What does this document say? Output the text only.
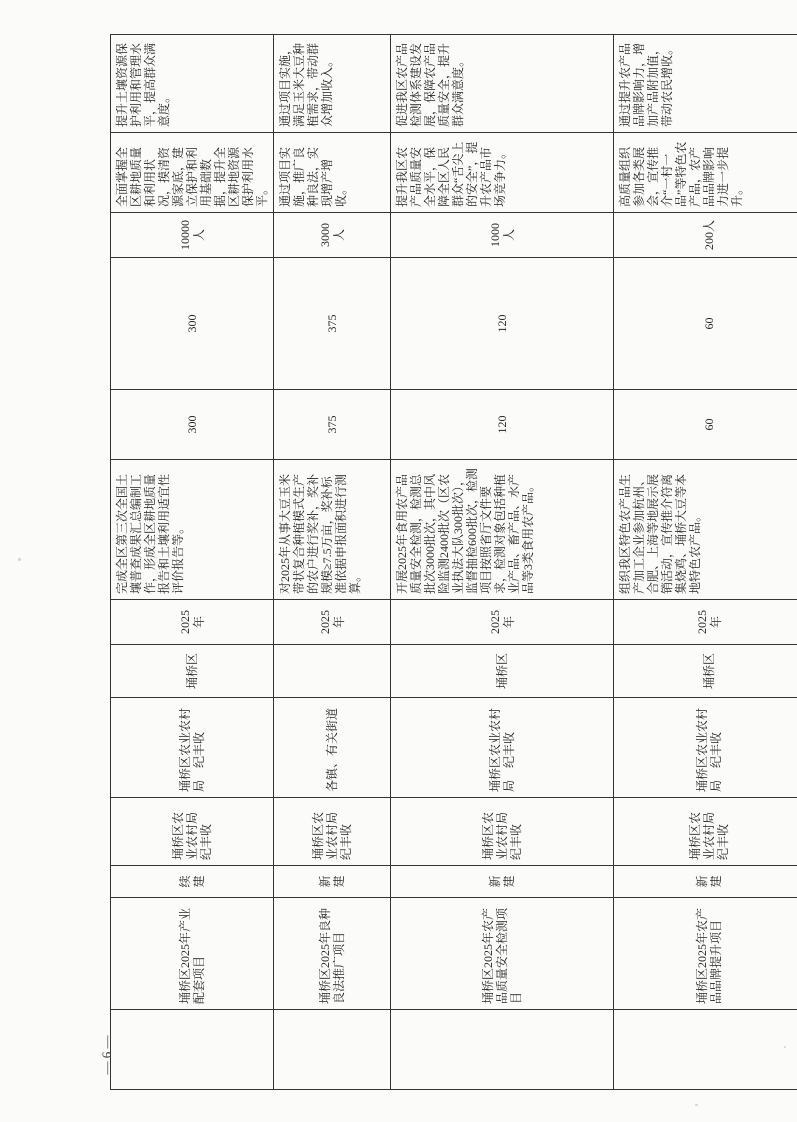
— 6 —
	埇桥区2025年产业配套项目	续建	埇桥区农业农村局　纪丰收	埇桥区农业农村局　纪丰收	埇桥区	2025年	完成全区第三次全国土壤普查成果汇总编制工作，形成全区耕地质量报告和土壤利用适宜性评价报告等。	300	300	10000人	全面掌握全区耕地质量和利用状况，摸清资源家底，建立保护和利用基础数据，提升全区耕地资源保护利用水平。	提升土壤资源保护利用和管理水平，提高群众满意度。
	埇桥区2025年良种良法推广项目	新建	埇桥区农业农村局　纪丰收	各镇、有关街道		2025年	对2025年从事大豆玉米带状复合种植模式生产的农户进行奖补，奖补规模≥7.5万亩，奖补标准依据申报面积进行测算。	375	375	3000人	通过项目实施，推广良种良法，实现增产增收。	通过项目实施，满足玉米大豆种植需求，带动群众增加收入。
	埇桥区2025年农产品质量安全检测项目	新建	埇桥区农业农村局　纪丰收	埇桥区农业农村局　纪丰收	埇桥区	2025年	开展2025年食用农产品质量安全检测，检测总批次3000批次，其中风险监测2400批次（区农业执法大队300批次），监督抽检600批次，检测项目按照省厅文件要求，检测对象包括种植业产品、畜产品、水产品等3类食用农产品。	120	120	1000人	提升我区农产品质量安全水平，保障全区人民群众“舌尖上的安全”，提升农产品市场竞争力。	促进我区农产品检测体系建设发展，保障农产品质量安全，提升群众满意度。
	埇桥区2025年农产品品牌提升项目	新建	埇桥区农业农村局　纪丰收	埇桥区农业农村局　纪丰收	埇桥区	2025年	组织我区特色农产品生产加工企业参加杭州、合肥、上海等地展示展销活动，宣传推介符离集烧鸡、埇桥大豆等本地特色农产品。	60	60	200人	高质量组织参加各类展会，宣传推介“一村一品”等特色农产品，农产品品牌影响力进一步提升。	通过提升农产品品牌影响力，增加产品附加值，带动农民增收。
